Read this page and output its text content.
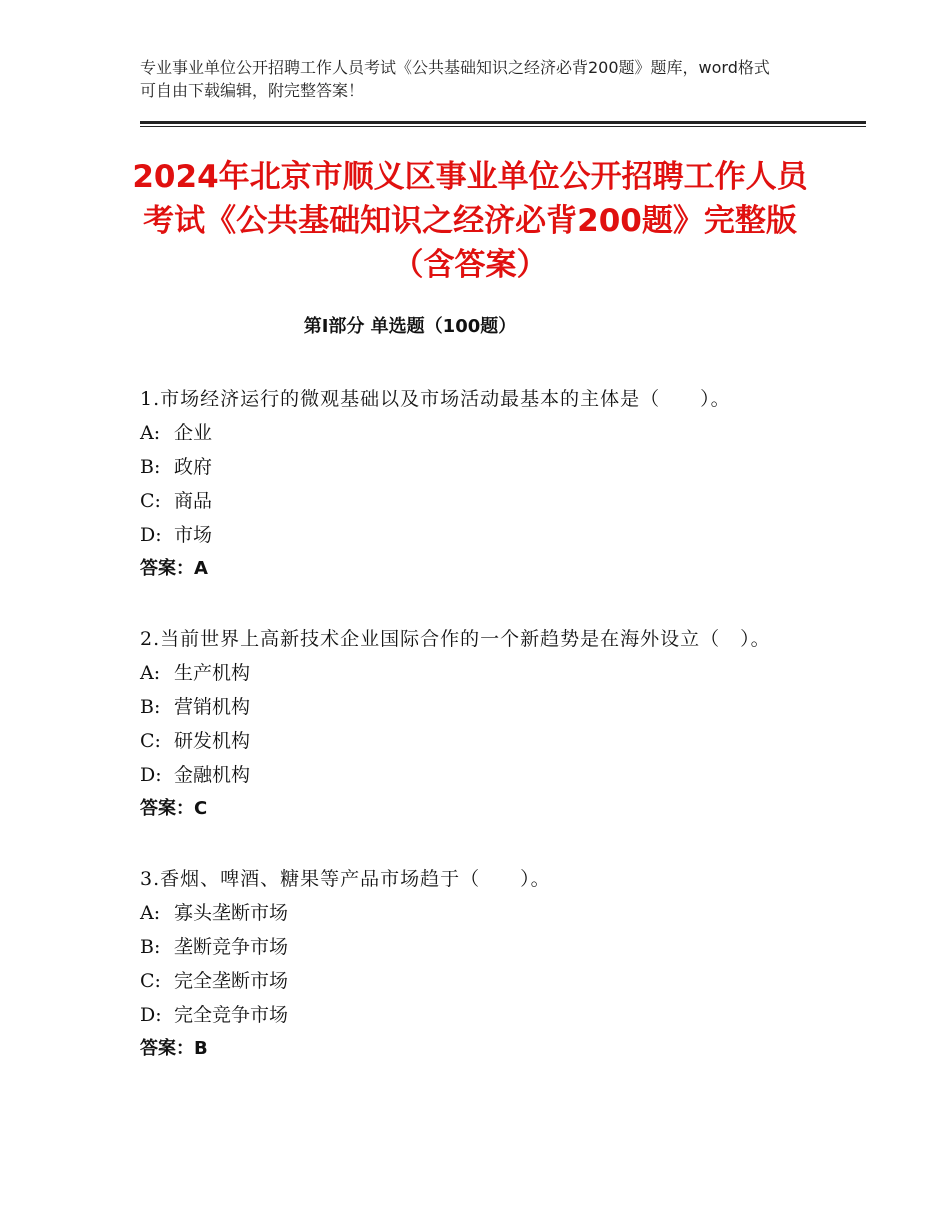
专业事业单位公开招聘工作人员考试《公共基础知识之经济必背200题》题库，word格式可自由下载编辑，附完整答案！
2024年北京市顺义区事业单位公开招聘工作人员考试《公共基础知识之经济必背200题》完整版（含答案）
第Ⅰ部分 单选题（100题）
1.市场经济运行的微观基础以及市场活动最基本的主体是（　　）。
A: 企业
B: 政府
C: 商品
D: 市场
答案：A
2.当前世界上高新技术企业国际合作的一个新趋势是在海外设立（　）。
A: 生产机构
B: 营销机构
C: 研发机构
D: 金融机构
答案：C
3.香烟、啤酒、糖果等产品市场趋于（　　）。
A: 寡头垄断市场
B: 垄断竞争市场
C: 完全垄断市场
D: 完全竞争市场
答案：B
